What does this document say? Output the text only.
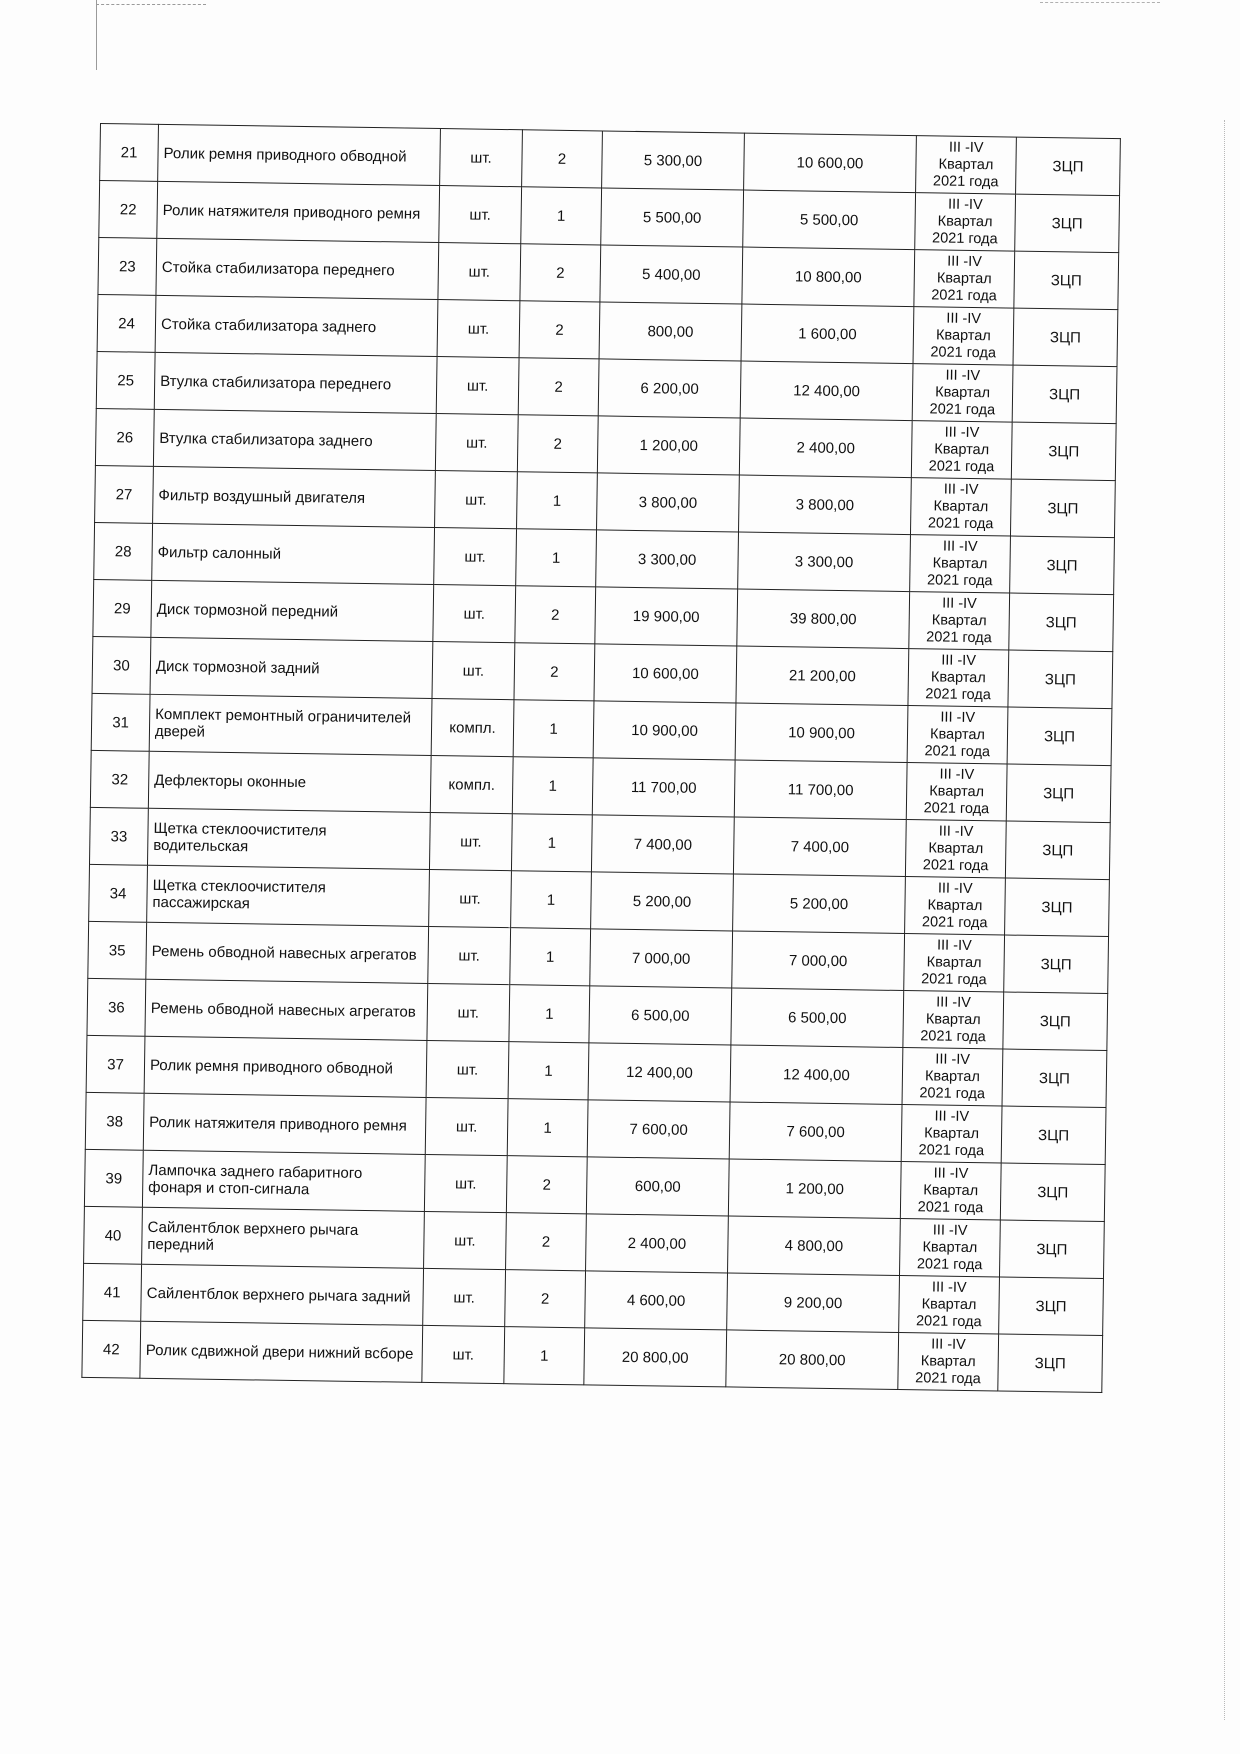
21	Ролик ремня приводного обводной	шт.	2	5 300,00	10 600,00	III -IV
Квартал
2021 года	ЗЦП
22	Ролик натяжителя приводного ремня	шт.	1	5 500,00	5 500,00	III -IV
Квартал
2021 года	ЗЦП
23	Стойка стабилизатора переднего	шт.	2	5 400,00	10 800,00	III -IV
Квартал
2021 года	ЗЦП
24	Стойка стабилизатора заднего	шт.	2	800,00	1 600,00	III -IV
Квартал
2021 года	ЗЦП
25	Втулка стабилизатора переднего	шт.	2	6 200,00	12 400,00	III -IV
Квартал
2021 года	ЗЦП
26	Втулка стабилизатора заднего	шт.	2	1 200,00	2 400,00	III -IV
Квартал
2021 года	ЗЦП
27	Фильтр воздушный двигателя	шт.	1	3 800,00	3 800,00	III -IV
Квартал
2021 года	ЗЦП
28	Фильтр салонный	шт.	1	3 300,00	3 300,00	III -IV
Квартал
2021 года	ЗЦП
29	Диск тормозной передний	шт.	2	19 900,00	39 800,00	III -IV
Квартал
2021 года	ЗЦП
30	Диск тормозной задний	шт.	2	10 600,00	21 200,00	III -IV
Квартал
2021 года	ЗЦП
31	Комплект ремонтный ограничителей дверей	компл.	1	10 900,00	10 900,00	III -IV
Квартал
2021 года	ЗЦП
32	Дефлекторы оконные	компл.	1	11 700,00	11 700,00	III -IV
Квартал
2021 года	ЗЦП
33	Щетка стеклоочистителя водительская	шт.	1	7 400,00	7 400,00	III -IV
Квартал
2021 года	ЗЦП
34	Щетка стеклоочистителя пассажирская	шт.	1	5 200,00	5 200,00	III -IV
Квартал
2021 года	ЗЦП
35	Ремень обводной навесных агрегатов	шт.	1	7 000,00	7 000,00	III -IV
Квартал
2021 года	ЗЦП
36	Ремень обводной навесных агрегатов	шт.	1	6 500,00	6 500,00	III -IV
Квартал
2021 года	ЗЦП
37	Ролик ремня приводного обводной	шт.	1	12 400,00	12 400,00	III -IV
Квартал
2021 года	ЗЦП
38	Ролик натяжителя приводного ремня	шт.	1	7 600,00	7 600,00	III -IV
Квартал
2021 года	ЗЦП
39	Лампочка заднего габаритного фонаря и стоп-сигнала	шт.	2	600,00	1 200,00	III -IV
Квартал
2021 года	ЗЦП
40	Сайлентблок верхнего рычага передний	шт.	2	2 400,00	4 800,00	III -IV
Квартал
2021 года	ЗЦП
41	Сайлентблок верхнего рычага задний	шт.	2	4 600,00	9 200,00	III -IV
Квартал
2021 года	ЗЦП
42	Ролик сдвижной двери нижний всборе	шт.	1	20 800,00	20 800,00	III -IV
Квартал
2021 года	ЗЦП
